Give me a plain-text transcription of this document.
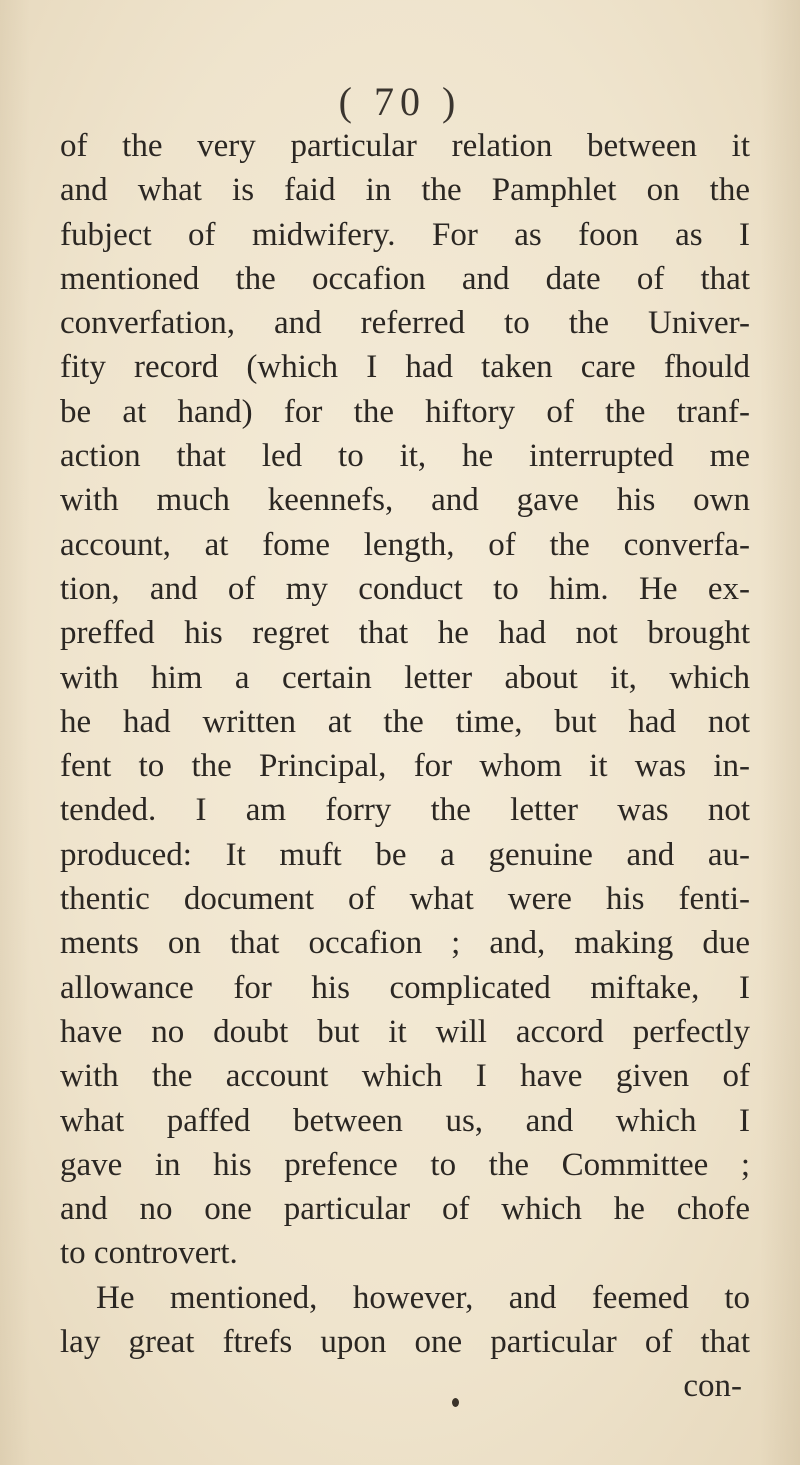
( 70 )
of the very particular relation between it
and what is faid in the Pamphlet on the
fubject of midwifery. For as foon as I
mentioned the occafion and date of that
converfation, and referred to the Univer-
fity record (which I had taken care fhould
be at hand) for the hiftory of the tranf-
action that led to it, he interrupted me
with much keennefs, and gave his own
account, at fome length, of the converfa-
tion, and of my conduct to him. He ex-
preffed his regret that he had not brought
with him a certain letter about it, which
he had written at the time, but had not
fent to the Principal, for whom it was in-
tended. I am forry the letter was not
produced: It muft be a genuine and au-
thentic document of what were his fenti-
ments on that occafion ; and, making due
allowance for his complicated miftake, I
have no doubt but it will accord perfectly
with the account which I have given of
what paffed between us, and which I
gave in his prefence to the Committee ;
and no one particular of which he chofe
to controvert.
He mentioned, however, and feemed to
lay great ftrefs upon one particular of that
con-
